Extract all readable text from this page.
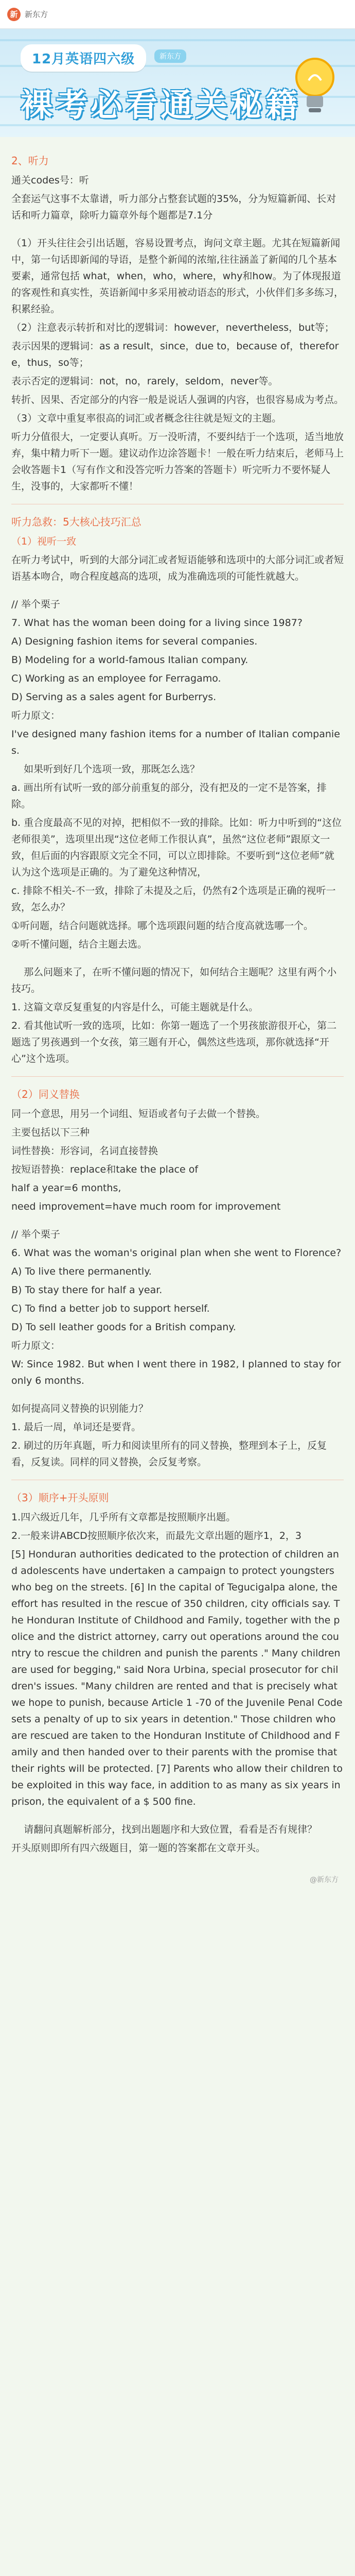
新 新东方
12月英语四六级	新东方
裸考必看通关秘籍
2、听力
通关codes号：听
全套运气这事不太靠谱，听力部分占整套试题的35%，分为短篇新闻、长对话和听力篇章，除听力篇章外每个题都是7.1分
（1）开头往往会引出话题，容易设置考点，询问文章主题。尤其在短篇新闻中，第一句话即新闻的导语，是整个新闻的浓缩,往往涵盖了新闻的几个基本要素，通常包括 what，when，who，where，why和how。为了体现报道的客观性和真实性，英语新闻中多采用被动语态的形式，小伙伴们多多练习，积累经验。
（2）注意表示转折和对比的逻辑词：however，nevertheless，but等；
表示因果的逻辑词：as a result，since，due to，because of，therefore，thus，so等；
表示否定的逻辑词：not，no，rarely，seldom，never等。
转折、因果、否定部分的内容一般是说话人强调的内容，也很容易成为考点。
（3）文章中重复率很高的词汇或者概念往往就是短文的主题。
听力分值很大，一定要认真听。万一没听清，不要纠结于一个选项，适当地放弃，集中精力听下一题。建议动作边涂答题卡！一般在听力结束后，老师马上会收答题卡1（写有作文和没答完听力答案的答题卡）听完听力不要怀疑人生，没事的，大家都听不懂！
听力急救：5大核心技巧汇总
（1）视听一致
在听力考试中，听到的大部分词汇或者短语能够和选项中的大部分词汇或者短语基本吻合，吻合程度越高的选项，成为准确选项的可能性就越大。
// 举个栗子
7. What has the woman been doing for a living since 1987?
A) Designing fashion items for several companies.
B) Modeling for a world-famous Italian company.
C) Working as an employee for Ferragamo.
D) Serving as a sales agent for Burberrys.
听力原文：
I've designed many fashion items for a number of Italian companies.
如果听到好几个选项一致，那既怎么选？
a. 画出所有试听一致的部分前重复的部分，没有把及的一定不是答案，排除。
b. 重合度最高不见的对掉，把相似不一致的排除。比如：听力中听到的“这位老师很美”，选项里出现“这位老师工作很认真”，虽然“这位老师”跟原文一致，但后面的内容跟原文完全不同，可以立即排除。不要听到“这位老师”就认为这个选项是正确的。为了避免这种情况，
c. 排除不相关-不一致，排除了未提及之后，仍然有2个选项是正确的视听一致，怎么办？
①听问题，结合问题就选择。哪个选项跟问题的结合度高就选哪一个。
②听不懂问题，结合主题去选。
那么问题来了，在听不懂问题的情况下，如何结合主题呢？这里有两个小技巧。
1. 这篇文章反复重复的内容是什么，可能主题就是什么。
2. 看其他试听一致的选项，比如：你第一题选了一个男孩旅游很开心，第二题选了男孩遇到一个女孩，第三题有开心，偶然这些选项，那你就选择“开心”这个选项。
（2）同义替换
同一个意思，用另一个词组、短语或者句子去做一个替换。
主要包括以下三种
词性替换：形容词，名词直接替换
按短语替换：replace和take the place of
half a year=6 months,
need improvement=have much room for improvement
// 举个栗子
6. What was the woman's original plan when she went to Florence?
A) To live there permanently.
B) To stay there for half a year.
C) To find a better job to support herself.
D) To sell leather goods for a British company.
听力原文：
W: Since 1982. But when I went there in 1982, I planned to stay for only 6 months.
如何提高同义替换的识别能力？
1. 最后一周，单词还是要背。
2. 刷过的历年真题，听力和阅读里所有的同义替换，整理到本子上，反复看，反复读。同样的同义替换，会反复考察。
（3）顺序+开头原则
1.四六级近几年，几乎所有文章都是按照顺序出题。
2.一般来讲ABCD按照顺序依次来，而最先文章出题的题序1，2，3
[5] Honduran authorities dedicated to the protection of children and adolescents have undertaken a campaign to protect youngsters who beg on the streets. [6] In the capital of Tegucigalpa alone, the effort has resulted in the rescue of 350 children, city officials say. The Honduran Institute of Childhood and Family, together with the police and the district attorney, carry out operations around the country to rescue the children and punish the parents ." Many children are used for begging," said Nora Urbina, special prosecutor for children's issues. "Many children are rented and that is precisely what we hope to punish, because Article 1 -70 of the Juvenile Penal Code sets a penalty of up to six years in detention." Those children who are rescued are taken to the Honduran Institute of Childhood and Family and then handed over to their parents with the promise that their rights will be protected. [7] Parents who allow their children to be exploited in this way face, in addition to as many as six years in prison, the equivalent of a $ 500 fine.
请翻问真题解析部分，找到出题题序和大致位置，看看是否有规律？
开头原则即所有四六级题目，第一题的答案都在文章开头。
@新东方
